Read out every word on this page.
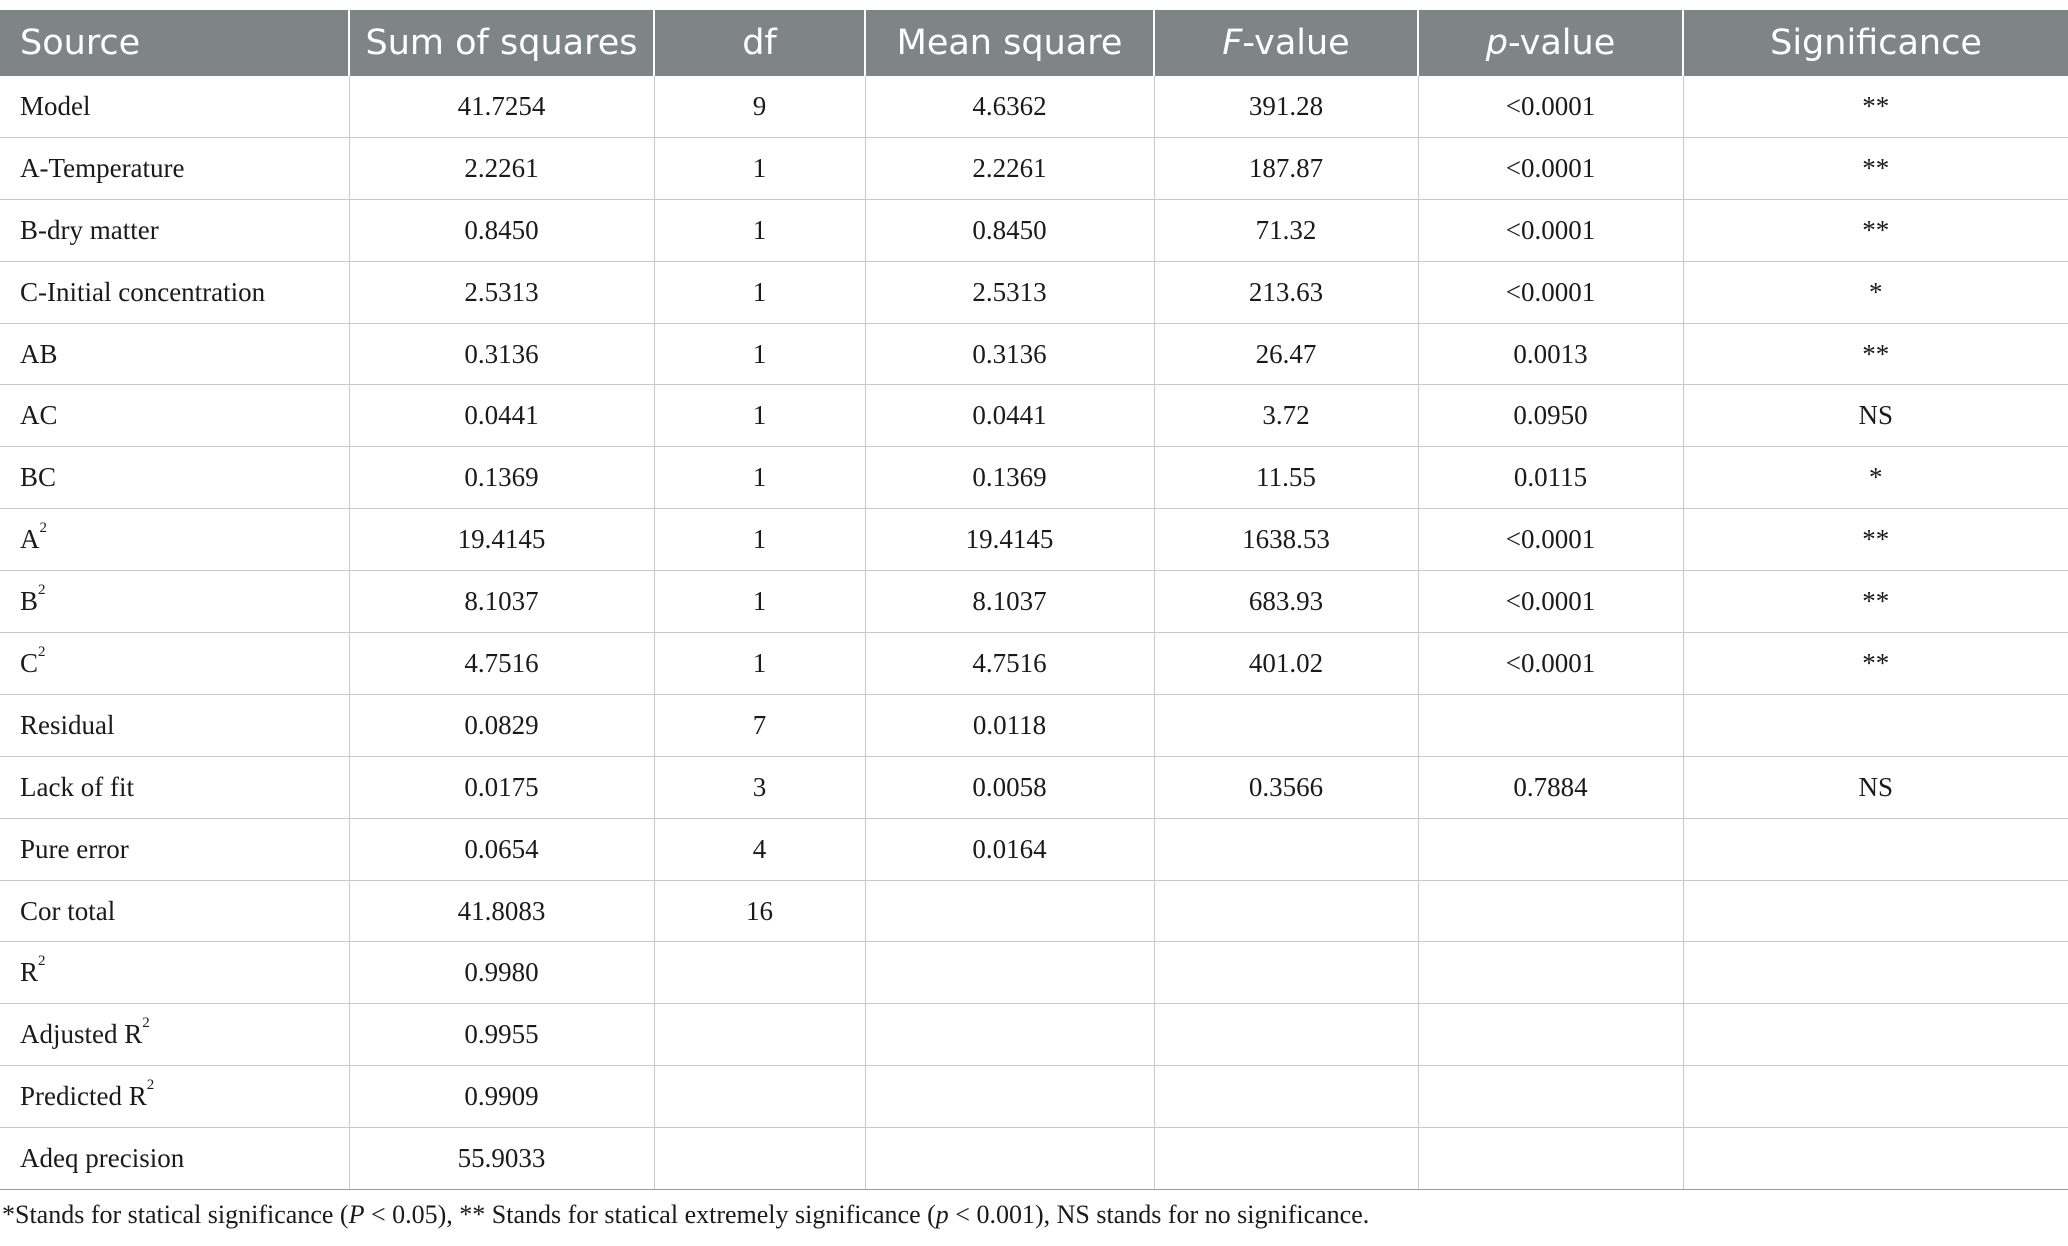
Source	Sum of squares	df	Mean square	F-value	p-value	Significance
Model	41.7254	9	4.6362	391.28	<0.0001	**
A-Temperature	2.2261	1	2.2261	187.87	<0.0001	**
B-dry matter	0.8450	1	0.8450	71.32	<0.0001	**
C-Initial concentration	2.5313	1	2.5313	213.63	<0.0001	*
AB	0.3136	1	0.3136	26.47	0.0013	**
AC	0.0441	1	0.0441	3.72	0.0950	NS
BC	0.1369	1	0.1369	11.55	0.0115	*
$A^2$	19.4145	1	19.4145	1638.53	<0.0001	**
$B^2$	8.1037	1	8.1037	683.93	<0.0001	**
$C^2$	4.7516	1	4.7516	401.02	<0.0001	**
Residual	0.0829	7	0.0118			
Lack of fit	0.0175	3	0.0058	0.3566	0.7884	NS
Pure error	0.0654	4	0.0164			
Cor total	41.8083	16				
$R^2$	0.9980					
Adjusted $R^2$	0.9955					
Predicted $R^2$	0.9909					
Adeq precision	55.9033					
*Stands for statical significance (P < 0.05), ** Stands for statical extremely significance (p < 0.001), NS stands for no significance.
